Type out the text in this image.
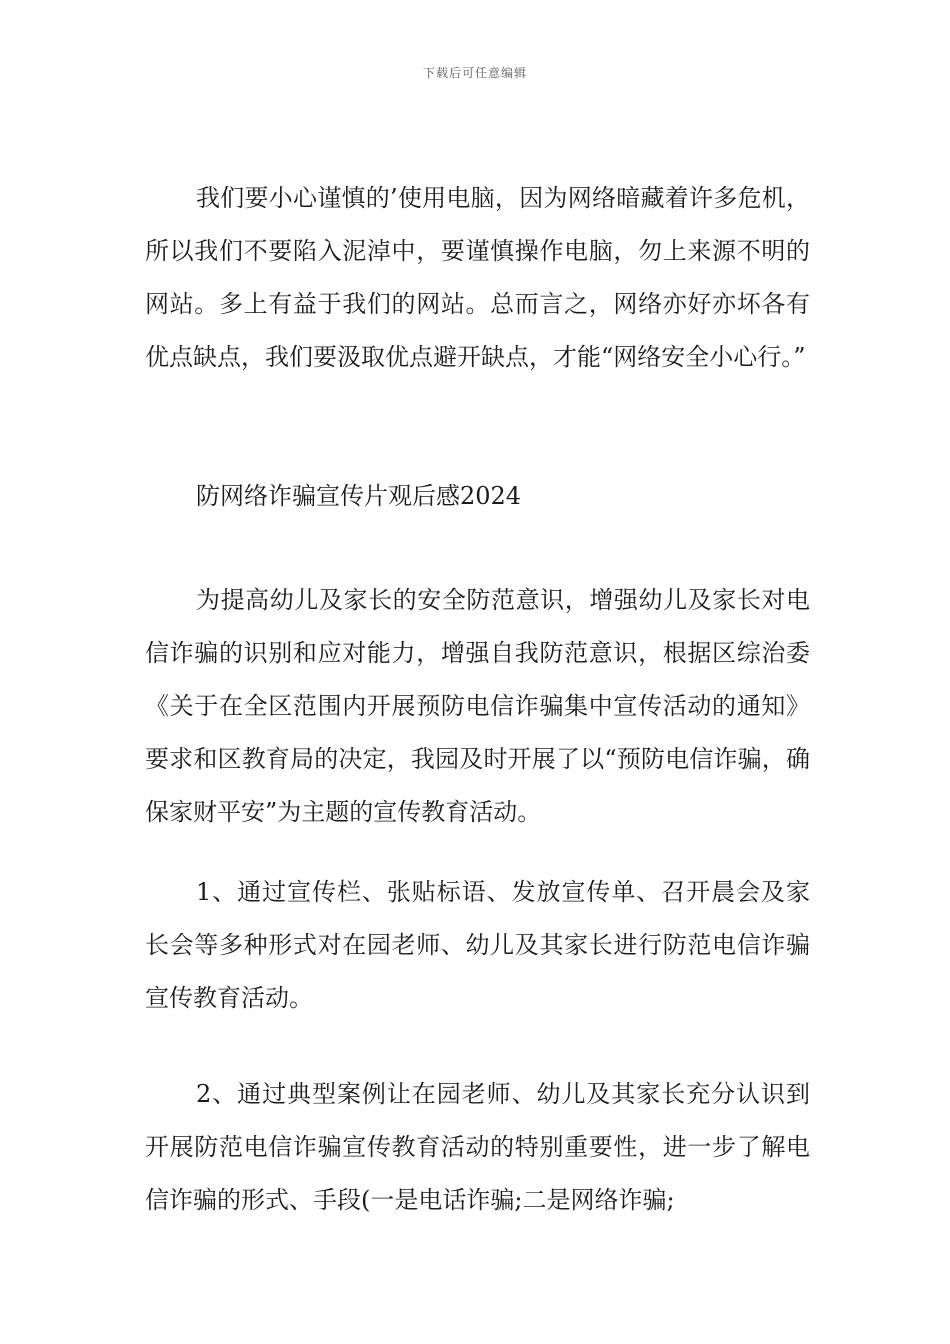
下载后可任意编辑

我们要小心谨慎的’使用电脑，因为网络暗藏着许多危机，所以我们不要陷入泥淖中，要谨慎操作电脑，勿上来源不明的网站。多上有益于我们的网站。总而言之，网络亦好亦坏各有优点缺点，我们要汲取优点避开缺点，才能“网络安全小心行。”

防网络诈骗宣传片观后感2024

为提高幼儿及家长的安全防范意识，增强幼儿及家长对电信诈骗的识别和应对能力，增强自我防范意识，根据区综治委《关于在全区范围内开展预防电信诈骗集中宣传活动的通知》要求和区教育局的决定，我园及时开展了以“预防电信诈骗，确保家财平安”为主题的宣传教育活动。

1、通过宣传栏、张贴标语、发放宣传单、召开晨会及家长会等多种形式对在园老师、幼儿及其家长进行防范电信诈骗宣传教育活动。

2、通过典型案例让在园老师、幼儿及其家长充分认识到开展防范电信诈骗宣传教育活动的特别重要性，进一步了解电信诈骗的形式、手段(一是电话诈骗;二是网络诈骗;
